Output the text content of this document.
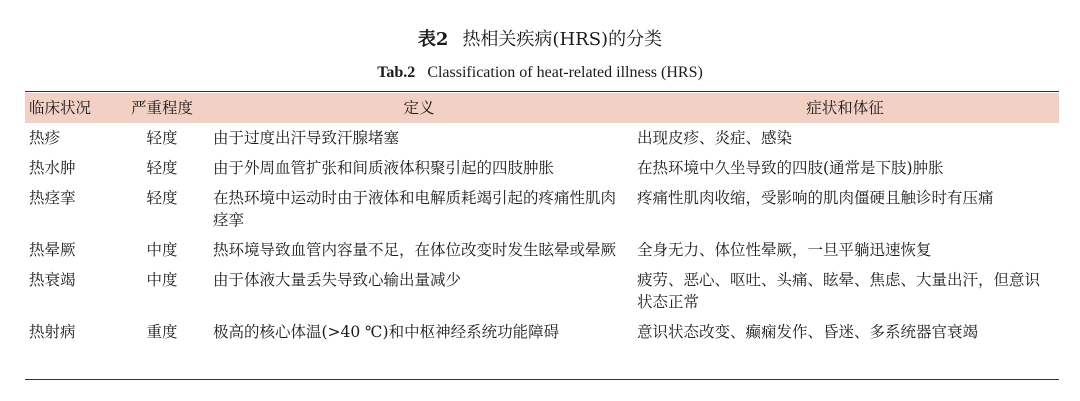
表2 热相关疾病(HRS)的分类
Tab.2 Classification of heat-related illness (HRS)
临床状况	严重程度	定义	症状和体征
热疹	轻度	由于过度出汗导致汗腺堵塞	出现皮疹、炎症、感染
热水肿	轻度	由于外周血管扩张和间质液体积聚引起的四肢肿胀	在热环境中久坐导致的四肢(通常是下肢)肿胀
热痉挛	轻度	在热环境中运动时由于液体和电解质耗竭引起的疼痛性肌肉痉挛	疼痛性肌肉收缩，受影响的肌肉僵硬且触诊时有压痛
热晕厥	中度	热环境导致血管内容量不足，在体位改变时发生眩晕或晕厥	全身无力、体位性晕厥，一旦平躺迅速恢复
热衰竭	中度	由于体液大量丢失导致心输出量减少	疲劳、恶心、呕吐、头痛、眩晕、焦虑、大量出汗，但意识状态正常
热射病	重度	极高的核心体温(>40 ℃)和中枢神经系统功能障碍	意识状态改变、癫痫发作、昏迷、多系统器官衰竭
